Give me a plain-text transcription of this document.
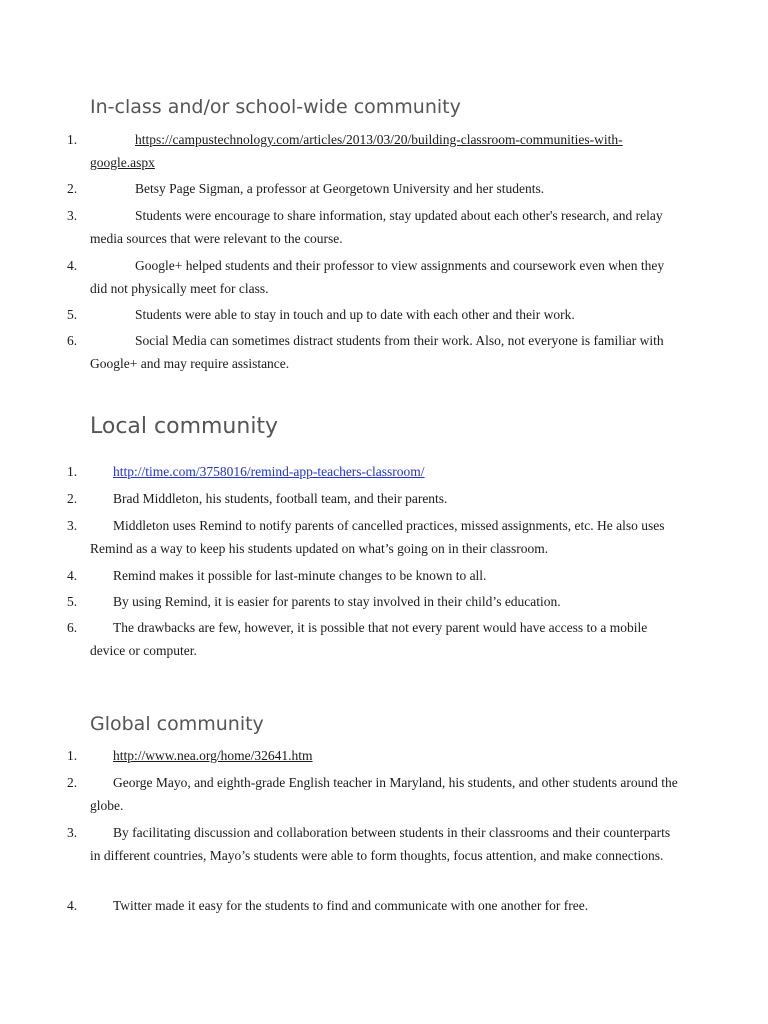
In-class and/or school-wide community
1.	https://campustechnology.com/articles/2013/03/20/building-classroom-communities-with-google.aspx
2.	Betsy Page Sigman, a professor at Georgetown University and her students.
3.	Students were encourage to share information, stay updated about each other's research, and relay media sources that were relevant to the course.
4.	Google+ helped students and their professor to view assignments and coursework even when they did not physically meet for class.
5.	Students were able to stay in touch and up to date with each other and their work.
6.	Social Media can sometimes distract students from their work. Also, not everyone is familiar with Google+ and may require assistance.
Local community
1.	http://time.com/3758016/remind-app-teachers-classroom/
2.	Brad Middleton, his students, football team, and their parents.
3.	Middleton uses Remind to notify parents of cancelled practices, missed assignments, etc. He also uses Remind as a way to keep his students updated on what’s going on in their classroom.
4.	Remind makes it possible for last-minute changes to be known to all.
5.	By using Remind, it is easier for parents to stay involved in their child’s education.
6.	The drawbacks are few, however, it is possible that not every parent would have access to a mobile device or computer.
Global community
1.	http://www.nea.org/home/32641.htm
2.	George Mayo, and eighth-grade English teacher in Maryland, his students, and other students around the globe.
3.	By facilitating discussion and collaboration between students in their classrooms and their counterparts in different countries, Mayo’s students were able to form thoughts, focus attention, and make connections.
4.	Twitter made it easy for the students to find and communicate with one another for free.
